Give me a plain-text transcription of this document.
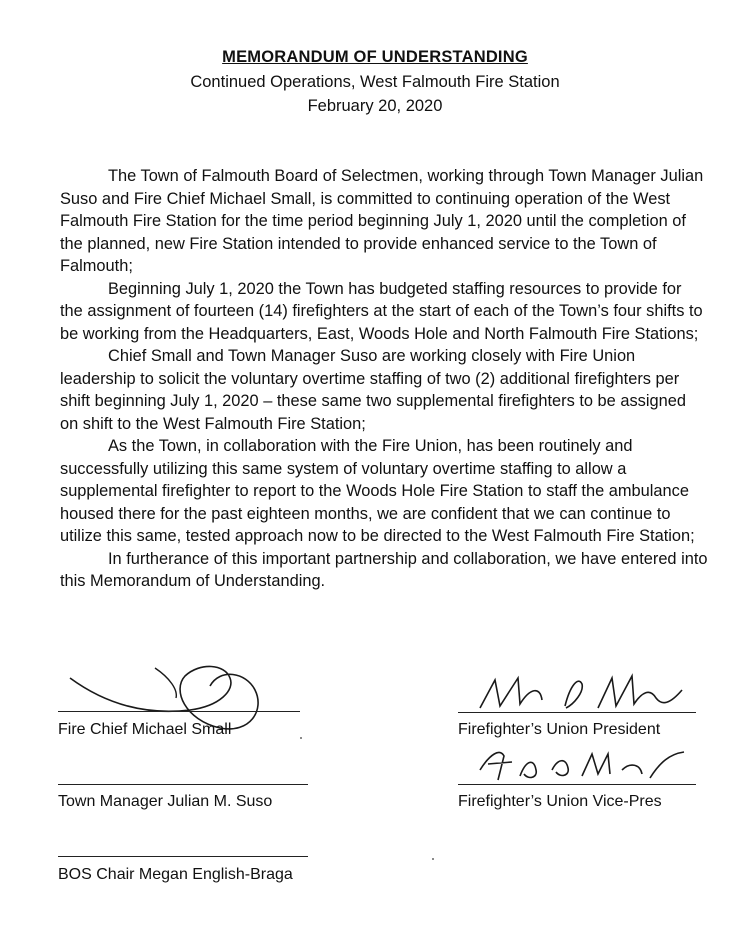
MEMORANDUM OF UNDERSTANDING
Continued Operations, West Falmouth Fire Station
February 20, 2020

The Town of Falmouth Board of Selectmen, working through Town Manager Julian Suso and Fire Chief Michael Small, is committed to continuing operation of the West Falmouth Fire Station for the time period beginning July 1, 2020 until the completion of the planned, new Fire Station intended to provide enhanced service to the Town of Falmouth;

Beginning July 1, 2020 the Town has budgeted staffing resources to provide for the assignment of fourteen (14) firefighters at the start of each of the Town’s four shifts to be working from the Headquarters, East, Woods Hole and North Falmouth Fire Stations;

Chief Small and Town Manager Suso are working closely with Fire Union leadership to solicit the voluntary overtime staffing of two (2) additional firefighters per shift beginning July 1, 2020 – these same two supplemental firefighters to be assigned on shift to the West Falmouth Fire Station;

As the Town, in collaboration with the Fire Union, has been routinely and successfully utilizing this same system of voluntary overtime staffing to allow a supplemental firefighter to report to the Woods Hole Fire Station to staff the ambulance housed there for the past eighteen months, we are confident that we can continue to utilize this same, tested approach now to be directed to the West Falmouth Fire Station;

In furtherance of this important partnership and collaboration, we have entered into this Memorandum of Understanding.

Fire Chief Michael Small	Firefighter’s Union President
Firefighter’s Union Vice-Pres
Town Manager Julian M. Suso
BOS Chair Megan English-Braga
